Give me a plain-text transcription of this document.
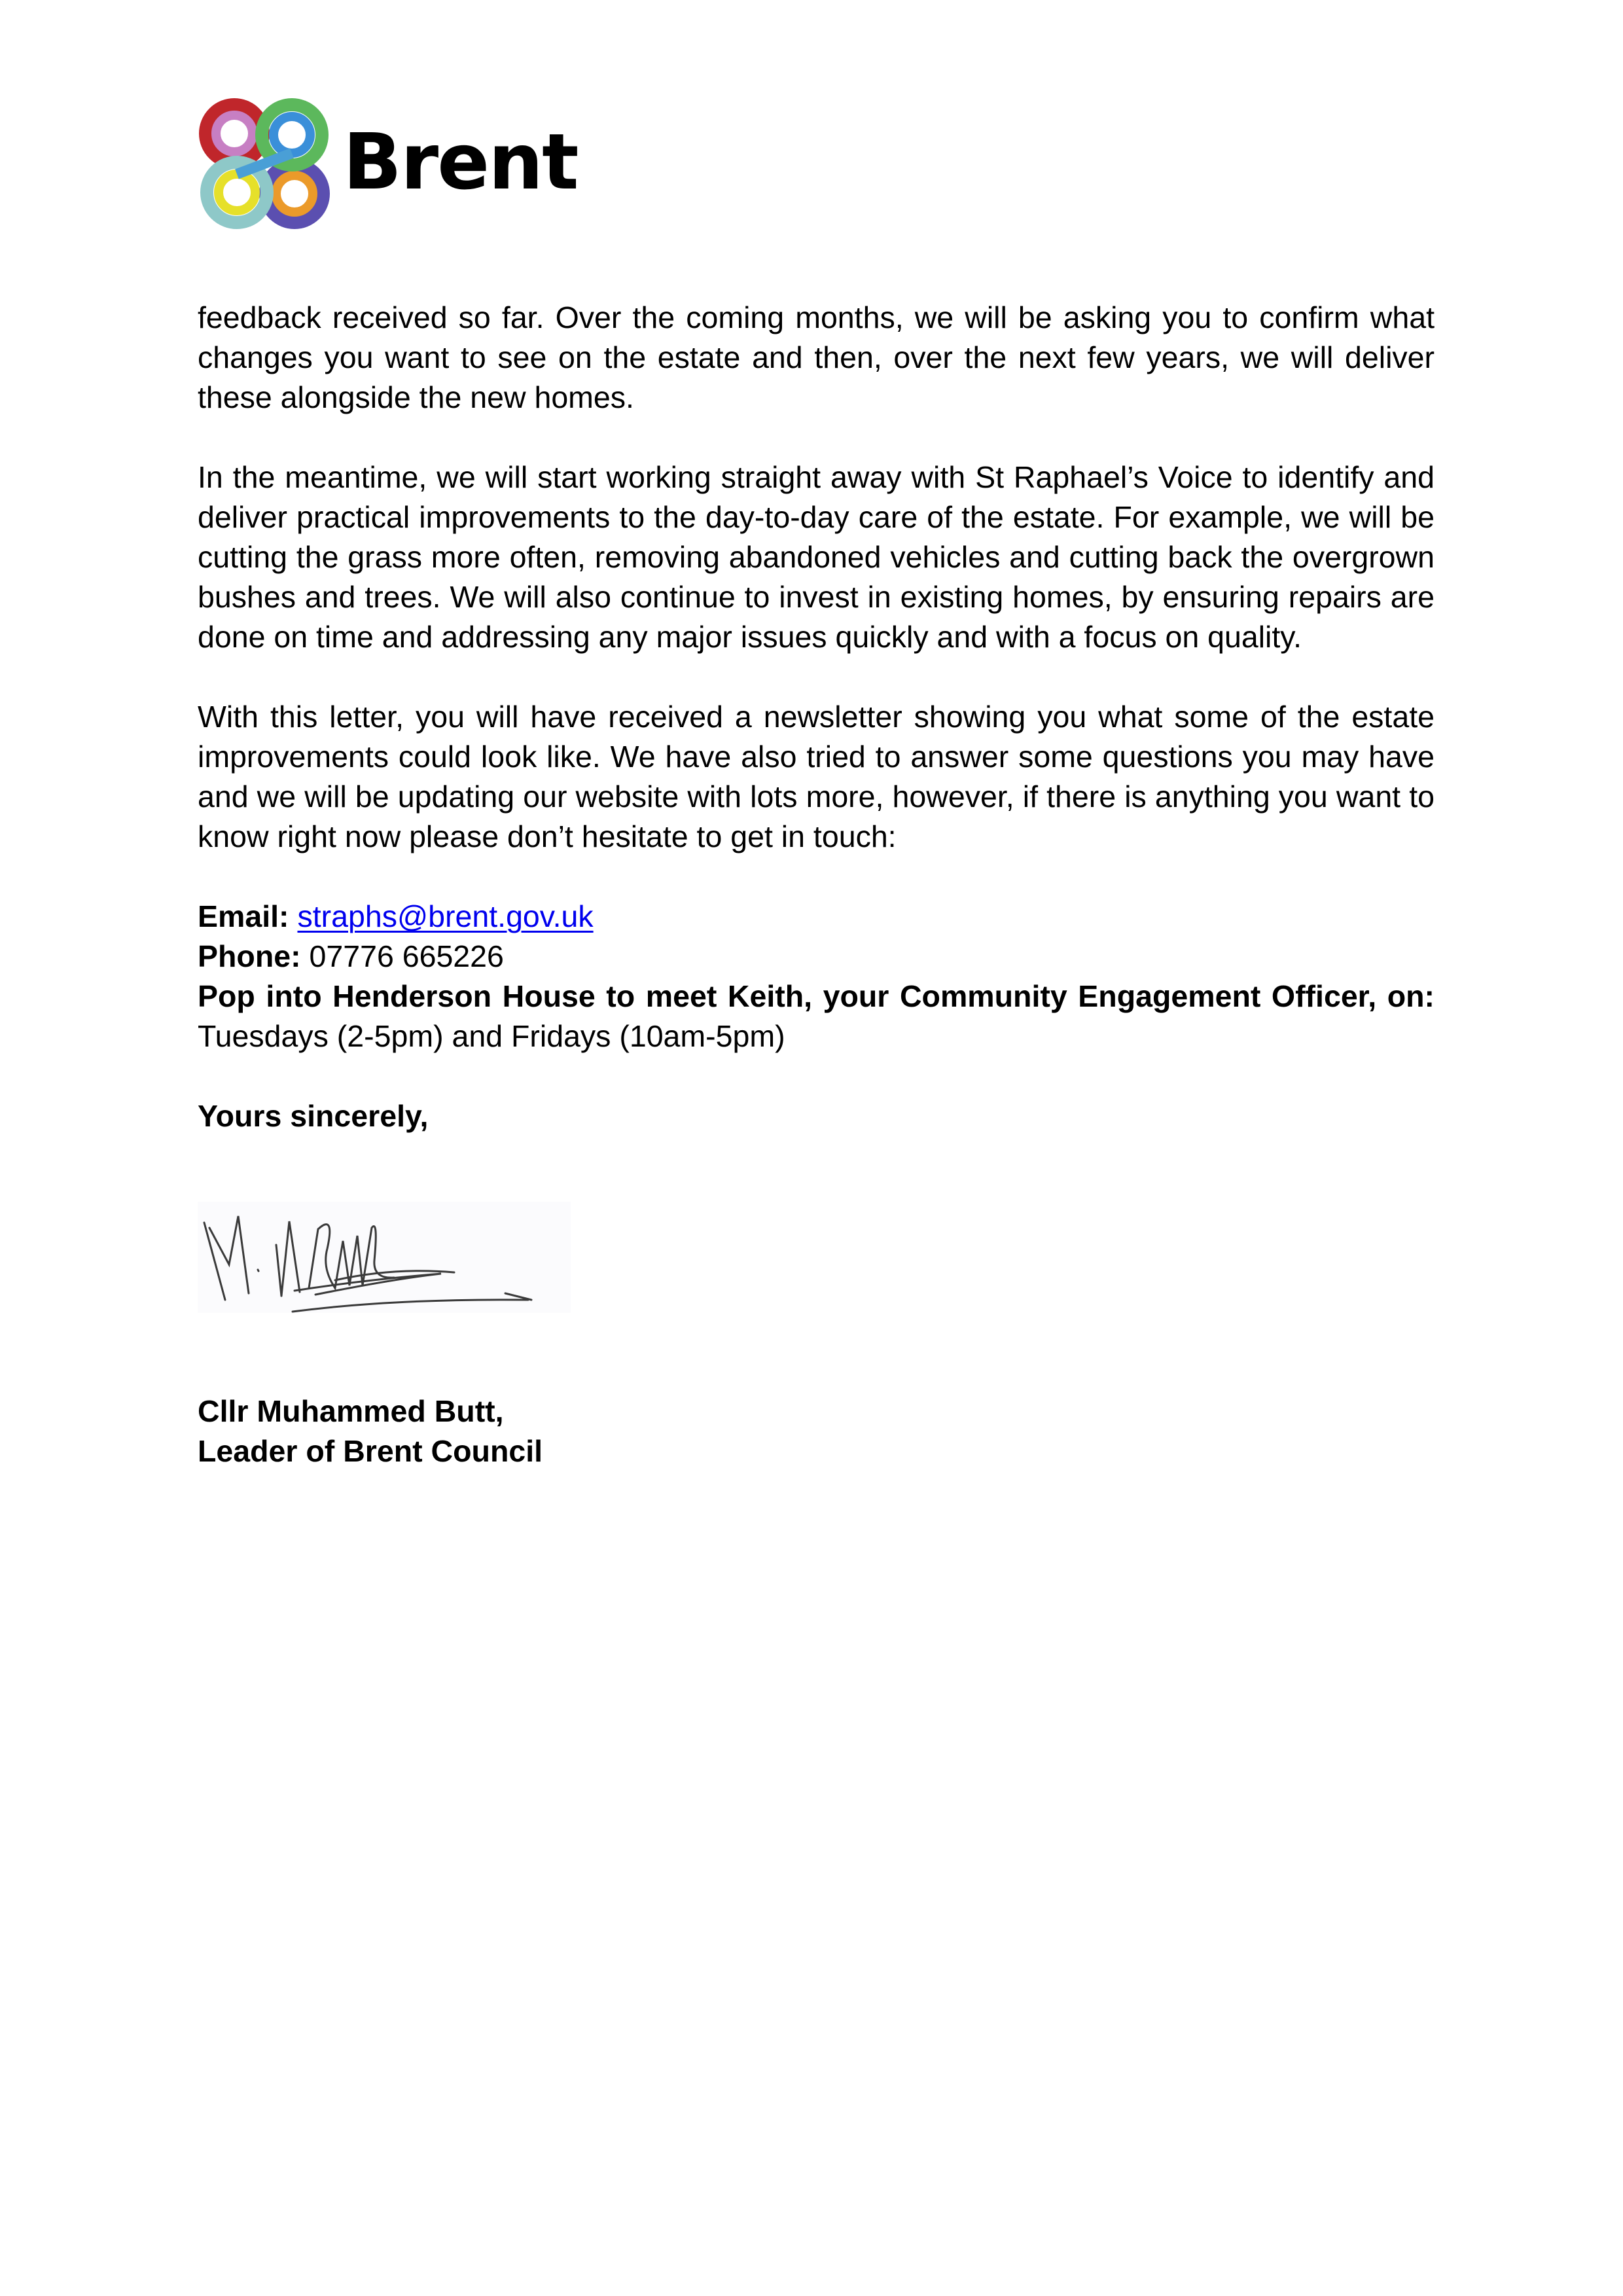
Brent

feedback received so far. Over the coming months, we will be asking you to confirm what changes you want to see on the estate and then, over the next few years, we will deliver these alongside the new homes.

In the meantime, we will start working straight away with St Raphael’s Voice to identify and deliver practical improvements to the day-to-day care of the estate. For example, we will be cutting the grass more often, removing abandoned vehicles and cutting back the overgrown bushes and trees. We will also continue to invest in existing homes, by ensuring repairs are done on time and addressing any major issues quickly and with a focus on quality.

With this letter, you will have received a newsletter showing you what some of the estate improvements could look like. We have also tried to answer some questions you may have and we will be updating our website with lots more, however, if there is anything you want to know right now please don’t hesitate to get in touch:

Email: straphs@brent.gov.uk
Phone: 07776 665226
Pop into Henderson House to meet Keith, your Community Engagement Officer, on:
Tuesdays (2-5pm) and Fridays (10am-5pm)

Yours sincerely,

Cllr Muhammed Butt,
Leader of Brent Council
